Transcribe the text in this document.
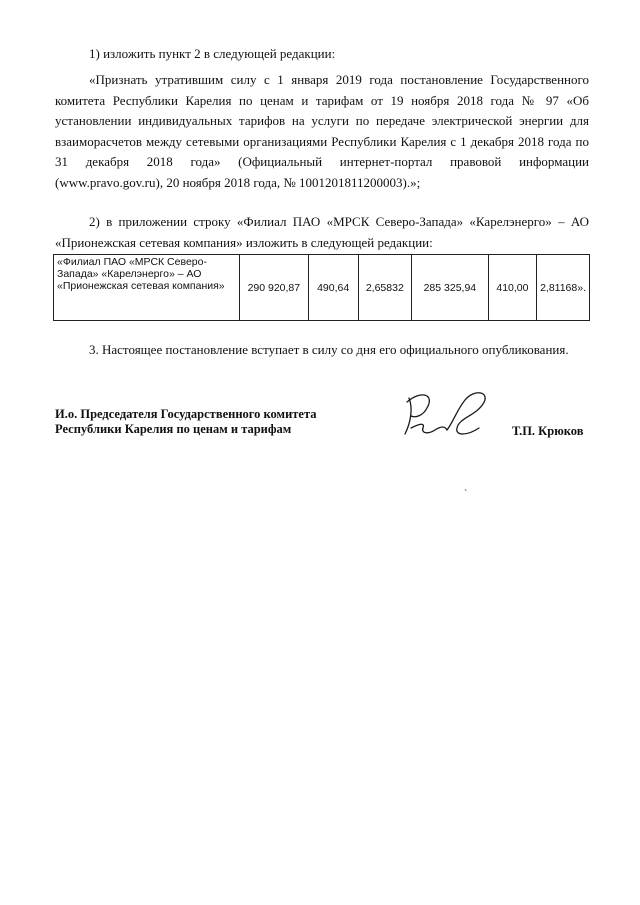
1) изложить пункт 2 в следующей редакции:

«Признать утратившим силу с 1 января 2019 года постановление Государственного комитета Республики Карелия по ценам и тарифам от 19 ноября 2018 года № 97 «Об установлении индивидуальных тарифов на услуги по передаче электрической энергии для взаиморасчетов между сетевыми организациями Республики Карелия с 1 декабря 2018 года по 31 декабря 2018 года» (Официальный интернет-портал правовой информации (www.pravo.gov.ru), 20 ноября 2018 года, № 1001201811200003).»;

2) в приложении строку «Филиал ПАО «МРСК Северо-Запада» «Карелэнерго» – АО «Прионежская сетевая компания» изложить в следующей редакции:

«Филиал ПАО «МРСК Северо-Запада» «Карелэнерго» – АО «Прионежская сетевая компания»	290 920,87	490,64	2,65832	285 325,94	410,00	2,81168».

3. Настоящее постановление вступает в силу со дня его официального опубликования.

И.о. Председателя Государственного комитета
Республики Карелия по ценам и тарифам	Т.П. Крюков
ˋ
